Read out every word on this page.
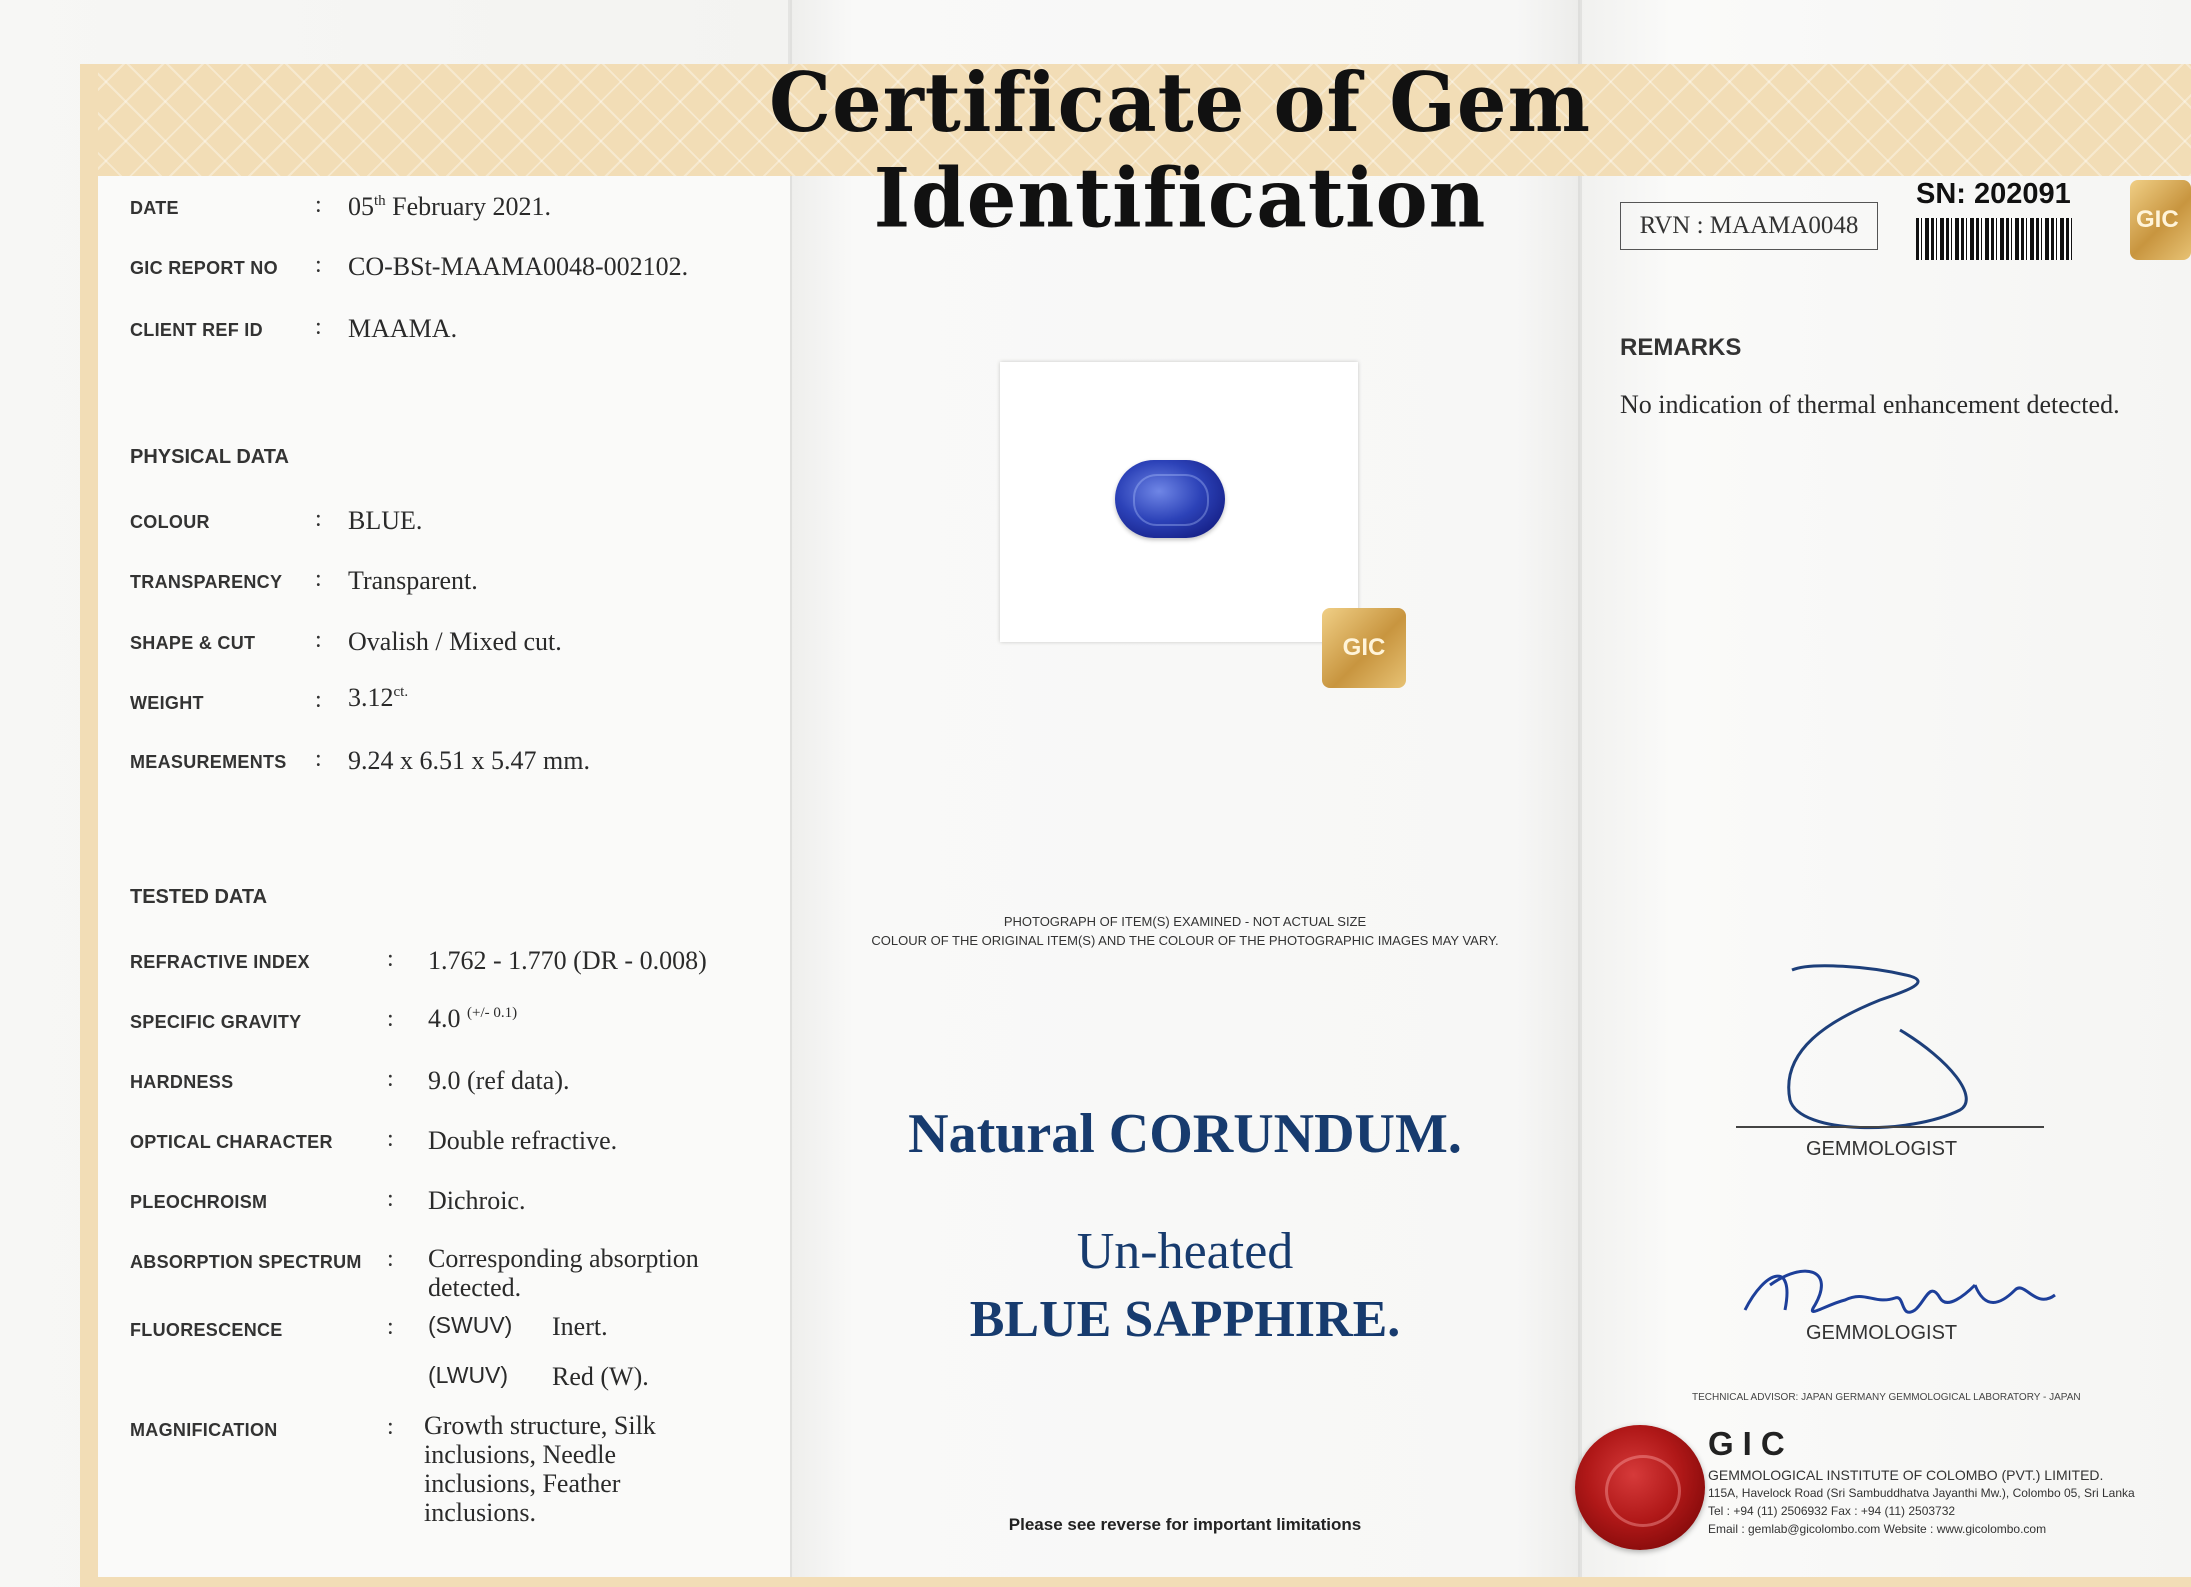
Certificate of Gem Identification
DATE	: 05th February 2021.
GIC REPORT NO : CO-BSt-MAAMA0048-002102.
CLIENT REF ID : MAAMA.
PHYSICAL DATA
COLOUR	: BLUE.
TRANSPARENCY : Transparent.
SHAPE & CUT : Ovalish / Mixed cut.
WEIGHT	: $3.12^{ct.}$
MEASUREMENTS : 9.24 x 6.51 x 5.47 mm.
TESTED DATA
REFRACTIVE INDEX	: 1.762 - 1.770 (DR - 0.008)
SPECIFIC GRAVITY	: 4.0 $^{(+/- 0.1)}$
HARDNESS	: 9.0 (ref data).
OPTICAL CHARACTER : Double refractive.
PLEOCHROISM	: Dichroic.
ABSORPTION SPECTRUM : Corresponding absorption detected.
FLUORESCENCE	: (SWUV) Inert.
(LWUV) Red (W).
MAGNIFICATION	: Growth structure, Silk inclusions, Needle inclusions, Feather inclusions.
GIC
PHOTOGRAPH OF ITEM(S) EXAMINED - NOT ACTUAL SIZE
COLOUR OF THE ORIGINAL ITEM(S) AND THE COLOUR OF THE PHOTOGRAPHIC IMAGES MAY VARY.
Natural CORUNDUM.
Un-heated
BLUE SAPPHIRE.
Please see reverse for important limitations
RVN : MAAMA0048
SN: 202091
GIC
REMARKS
No indication of thermal enhancement detected.
GEMMOLOGIST
GEMMOLOGIST
TECHNICAL ADVISOR: JAPAN GERMANY GEMMOLOGICAL LABORATORY - JAPAN
GIC
GEMMOLOGICAL INSTITUTE OF COLOMBO (PVT.) LIMITED.
115A, Havelock Road (Sri Sambuddhatva Jayanthi Mw.), Colombo 05, Sri Lanka
Tel : +94 (11) 2506932 Fax : +94 (11) 2503732
Email : gemlab@gicolombo.com Website : www.gicolombo.com
